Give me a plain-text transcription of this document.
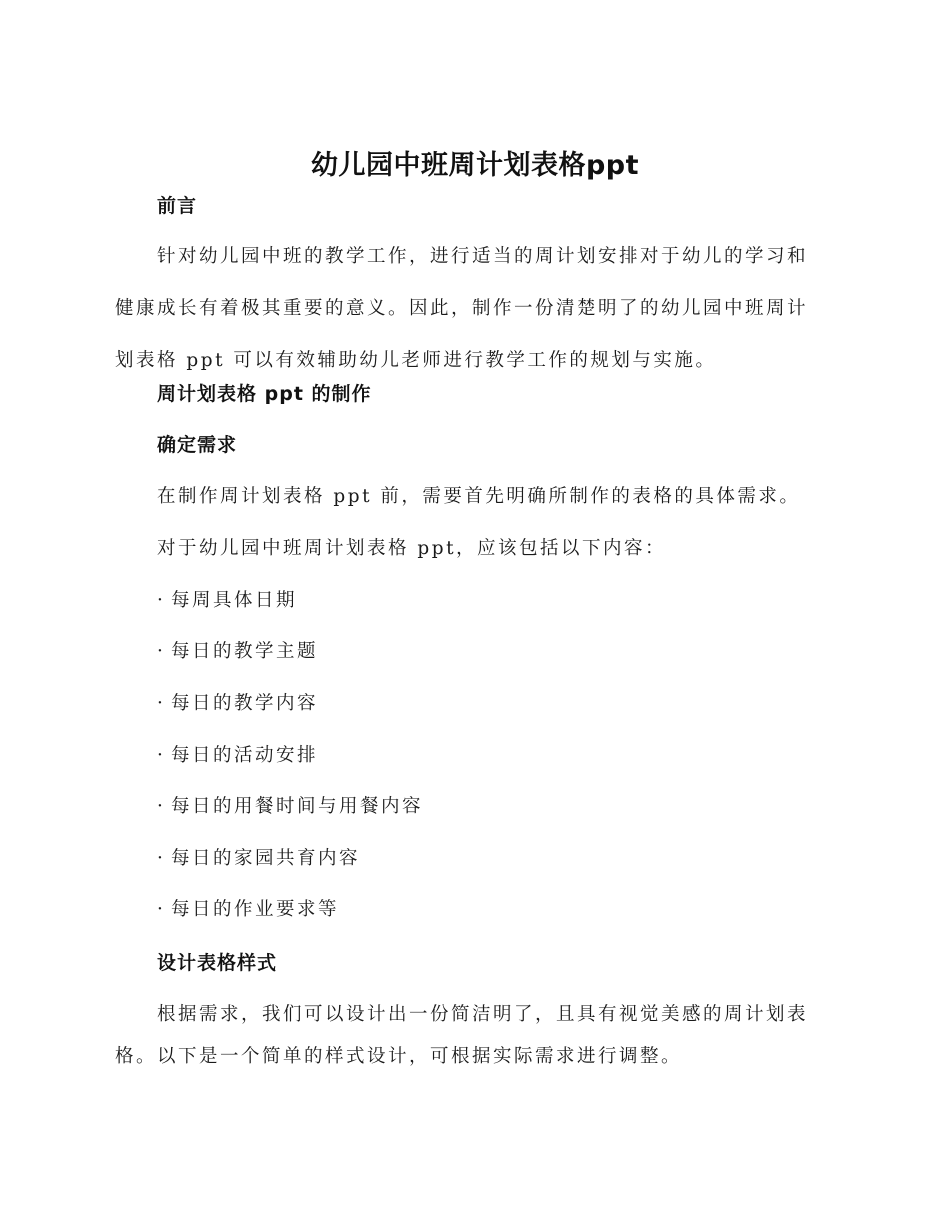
幼儿园中班周计划表格ppt
前言
针对幼儿园中班的教学工作，进行适当的周计划安排对于幼儿的学习和
健康成长有着极其重要的意义。因此，制作一份清楚明了的幼儿园中班周计
划表格 ppt 可以有效辅助幼儿老师进行教学工作的规划与实施。
周计划表格 ppt 的制作
确定需求
在制作周计划表格 ppt 前，需要首先明确所制作的表格的具体需求。
对于幼儿园中班周计划表格 ppt，应该包括以下内容：
· 每周具体日期
· 每日的教学主题
· 每日的教学内容
· 每日的活动安排
· 每日的用餐时间与用餐内容
· 每日的家园共育内容
· 每日的作业要求等
设计表格样式
根据需求，我们可以设计出一份简洁明了，且具有视觉美感的周计划表
格。以下是一个简单的样式设计，可根据实际需求进行调整。
